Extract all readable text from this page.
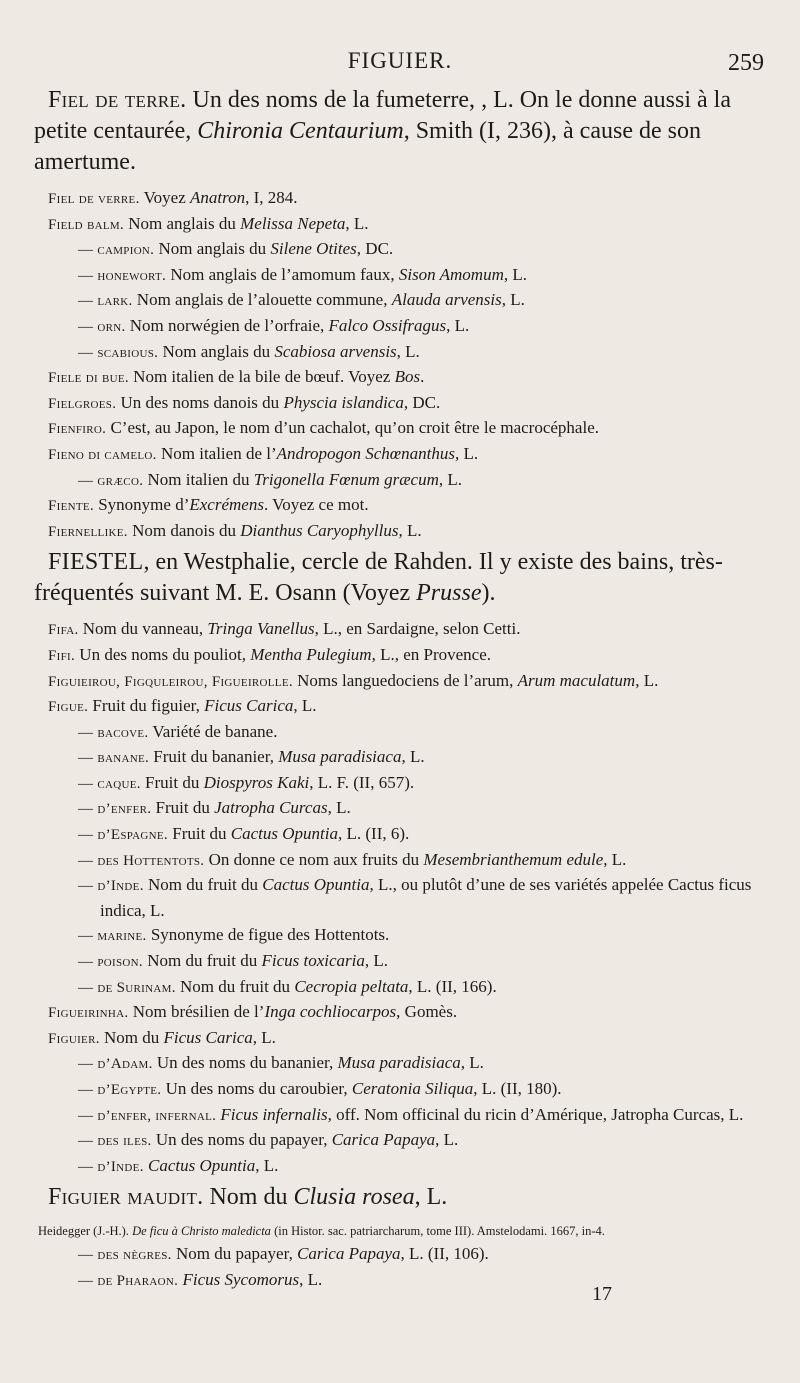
FIGUIER.	259

Fiel de terre. Un des noms de la fumeterre, , L. On le donne aussi à la petite centaurée, Chironia Centaurium, Smith (I, 236), à cause de son amertume.

Fiel de verre. Voyez Anatron, I, 284.

Field balm. Nom anglais du Melissa Nepeta, L.

— campion. Nom anglais du Silene Otites, DC.

— honewort. Nom anglais de l’amomum faux, Sison Amomum, L.

— lark. Nom anglais de l’alouette commune, Alauda arvensis, L.

— orn. Nom norwégien de l’orfraie, Falco Ossifragus, L.

— scabious. Nom anglais du Scabiosa arvensis, L.

Fiele di bue. Nom italien de la bile de bœuf. Voyez Bos.

Fielgroes. Un des noms danois du Physcia islandica, DC.

Fienfiro. C’est, au Japon, le nom d’un cachalot, qu’on croit être le macrocéphale.

Fieno di camelo. Nom italien de l’Andropogon Schœnanthus, L.

— græco. Nom italien du Trigonella Fœnum græcum, L.

Fiente. Synonyme d’Excrémens. Voyez ce mot.

Fiernellike. Nom danois du Dianthus Caryophyllus, L.

FIESTEL, en Westphalie, cercle de Rahden. Il y existe des bains, très-fréquentés suivant M. E. Osann (Voyez Prusse).

Fifa. Nom du vanneau, Tringa Vanellus, L., en Sardaigne, selon Cetti.

Fifi. Un des noms du pouliot, Mentha Pulegium, L., en Provence.

Figuieirou, Figquleirou, Figueirolle. Noms languedociens de l’arum, Arum maculatum, L.

Figue. Fruit du figuier, Ficus Carica, L.

— bacove. Variété de banane.

— banane. Fruit du bananier, Musa paradisiaca, L.

— caque. Fruit du Diospyros Kaki, L. F. (II, 657).

— d’enfer. Fruit du Jatropha Curcas, L.

— d’Espagne. Fruit du Cactus Opuntia, L. (II, 6).

— des Hottentots. On donne ce nom aux fruits du Mesembrianthemum edule, L.

— d’Inde. Nom du fruit du Cactus Opuntia, L., ou plutôt d’une de ses variétés appelée Cactus ficus indica, L.

— marine. Synonyme de figue des Hottentots.

— poison. Nom du fruit du Ficus toxicaria, L.

— de Surinam. Nom du fruit du Cecropia peltata, L. (II, 166).

Figueirinha. Nom brésilien de l’Inga cochliocarpos, Gomès.

Figuier. Nom du Ficus Carica, L.

— d’Adam. Un des noms du bananier, Musa paradisiaca, L.

— d’Egypte. Un des noms du caroubier, Ceratonia Siliqua, L. (II, 180).

— d’enfer, infernal. Ficus infernalis, off. Nom officinal du ricin d’Amérique, Jatropha Curcas, L.

— des iles. Un des noms du papayer, Carica Papaya, L.

— d’Inde. Cactus Opuntia, L.

Figuier maudit. Nom du Clusia rosea, L.

Heidegger (J.-H.). De ficu à Christo maledicta (in Histor. sac. patriarcharum, tome III). Amstelodami. 1667, in-4.

— des nègres. Nom du papayer, Carica Papaya, L. (II, 106).

— de Pharaon. Ficus Sycomorus, L.

17
